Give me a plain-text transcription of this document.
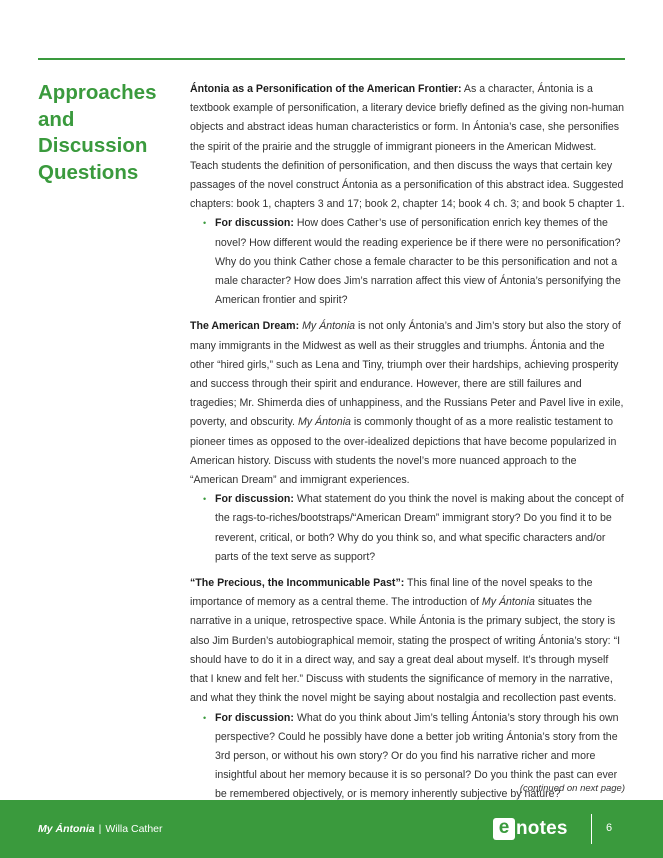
Approaches
and
Discussion
Questions

Ántonia as a Personification of the American Frontier: As a character, Ántonia is a textbook example of personification, a literary device briefly defined as the giving non-human objects and abstract ideas human characteristics or form. In Ántonia’s case, she personifies the spirit of the prairie and the struggle of immigrant pioneers in the American Midwest. Teach students the definition of personification, and then discuss the ways that certain key passages of the novel construct Ántonia as a personification of this abstract idea. Suggested chapters: book 1, chapters 3 and 17; book 2, chapter 14; book 4 ch. 3; and book 5 chapter 1.

• For discussion: How does Cather’s use of personification enrich key themes of the novel? How different would the reading experience be if there were no personification? Why do you think Cather chose a female character to be this personification and not a male character? How does Jim’s narration affect this view of Ántonia’s personifying the American frontier and spirit?

The American Dream: My Ántonia is not only Ántonia’s and Jim’s story but also the story of many immigrants in the Midwest as well as their struggles and triumphs. Ántonia and the other “hired girls,” such as Lena and Tiny, triumph over their hardships, achieving prosperity and success through their spirit and endurance. However, there are still failures and tragedies; Mr. Shimerda dies of unhappiness, and the Russians Peter and Pavel live in exile, poverty, and obscurity. My Ántonia is commonly thought of as a more realistic testament to pioneer times as opposed to the over-idealized depictions that have become popularized in American history. Discuss with students the novel’s more nuanced approach to the “American Dream” and immigrant experiences.

• For discussion: What statement do you think the novel is making about the concept of the rags-to-riches/bootstraps/“American Dream” immigrant story? Do you find it to be reverent, critical, or both? Why do you think so, and what specific characters and/or parts of the text serve as support?

“The Precious, the Incommunicable Past”: This final line of the novel speaks to the importance of memory as a central theme. The introduction of My Ántonia situates the narrative in a unique, retrospective space. While Ántonia is the primary subject, the story is also Jim Burden’s autobiographical memoir, stating the prospect of writing Ántonia’s story: “I should have to do it in a direct way, and say a great deal about myself. It’s through myself that I knew and felt her.” Discuss with students the significance of memory in the narrative, and what they think the novel might be saying about nostalgia and recollection past events.

• For discussion: What do you think about Jim’s telling Ántonia’s story through his own perspective? Could he possibly have done a better job writing Ántonia’s story from the 3rd person, or without his own story? Or do you find his narrative richer and more insightful about her memory because it is so personal? Do you think the past can ever be remembered objectively, or is memory inherently subjective by nature?

(continued on next page)
My Ántonia | Willa Cather	e notes	6
